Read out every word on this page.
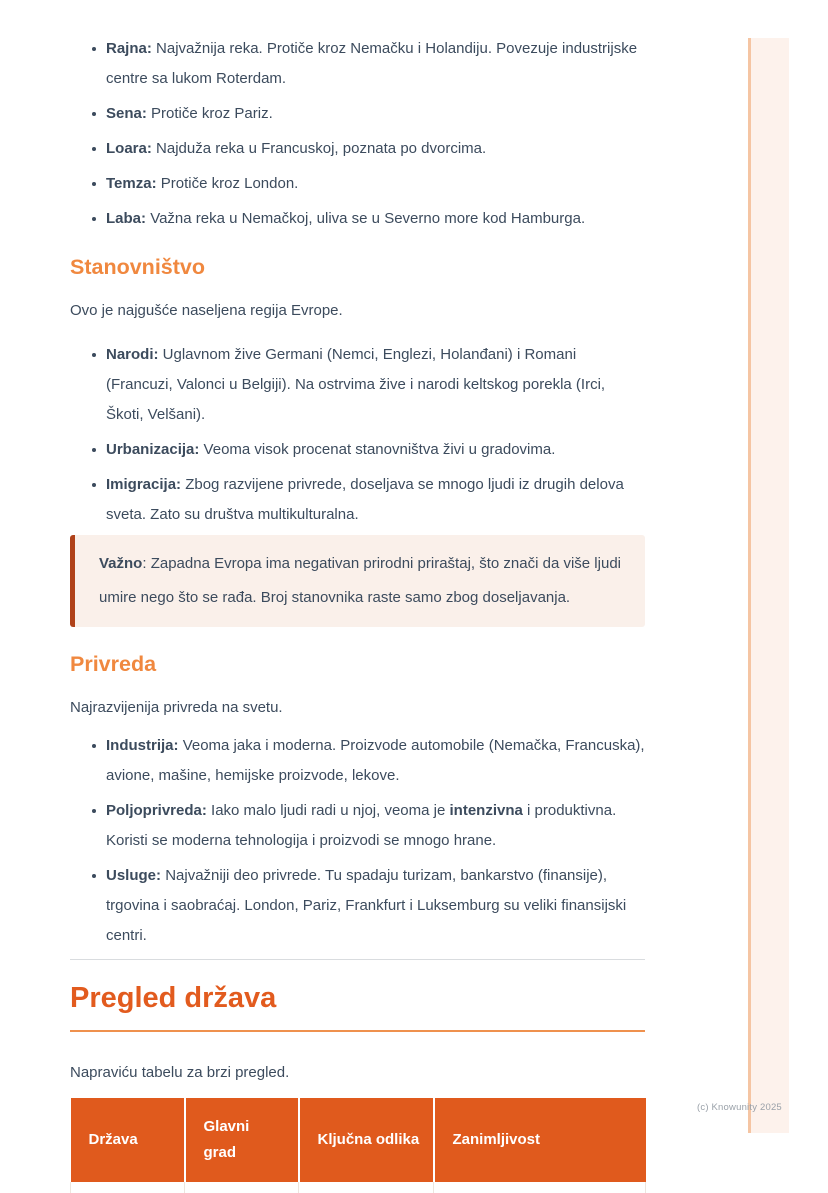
(c) Knowunity 2025
Rajna: Najvažnija reka. Protiče kroz Nemačku i Holandiju. Povezuje industrijske centre sa lukom Roterdam.
Sena: Protiče kroz Pariz.
Loara: Najduža reka u Francuskoj, poznata po dvorcima.
Temza: Protiče kroz London.
Laba: Važna reka u Nemačkoj, uliva se u Severno more kod Hamburga.
Stanovništvo

Ovo je najgušće naseljena regija Evrope.

Narodi: Uglavnom žive Germani (Nemci, Englezi, Holanđani) i Romani (Francuzi, Valonci u Belgiji). Na ostrvima žive i narodi keltskog porekla (Irci, Škoti, Velšani).
Urbanizacija: Veoma visok procenat stanovništva živi u gradovima.
Imigracija: Zbog razvijene privrede, doseljava se mnogo ljudi iz drugih delova sveta. Zato su društva multikulturalna.

Važno: Zapadna Evropa ima negativan prirodni priraštaj, što znači da više ljudi umire nego što se rađa. Broj stanovnika raste samo zbog doseljavanja.

Privreda

Najrazvijenija privreda na svetu.

Industrija: Veoma jaka i moderna. Proizvode automobile (Nemačka, Francuska), avione, mašine, hemijske proizvode, lekove.
Poljoprivreda: Iako malo ljudi radi u njoj, veoma je intenzivna i produktivna. Koristi se moderna tehnologija i proizvodi se mnogo hrane.
Usluge: Najvažniji deo privrede. Tu spadaju turizam, bankarstvo (finansije), trgovina i saobraćaj. London, Pariz, Frankfurt i Luksemburg su veliki finansijski centri.
Pregled država

Napraviću tabelu za brzi pregled.

Država	Glavni grad	Ključna odlika	Zanimljivost
